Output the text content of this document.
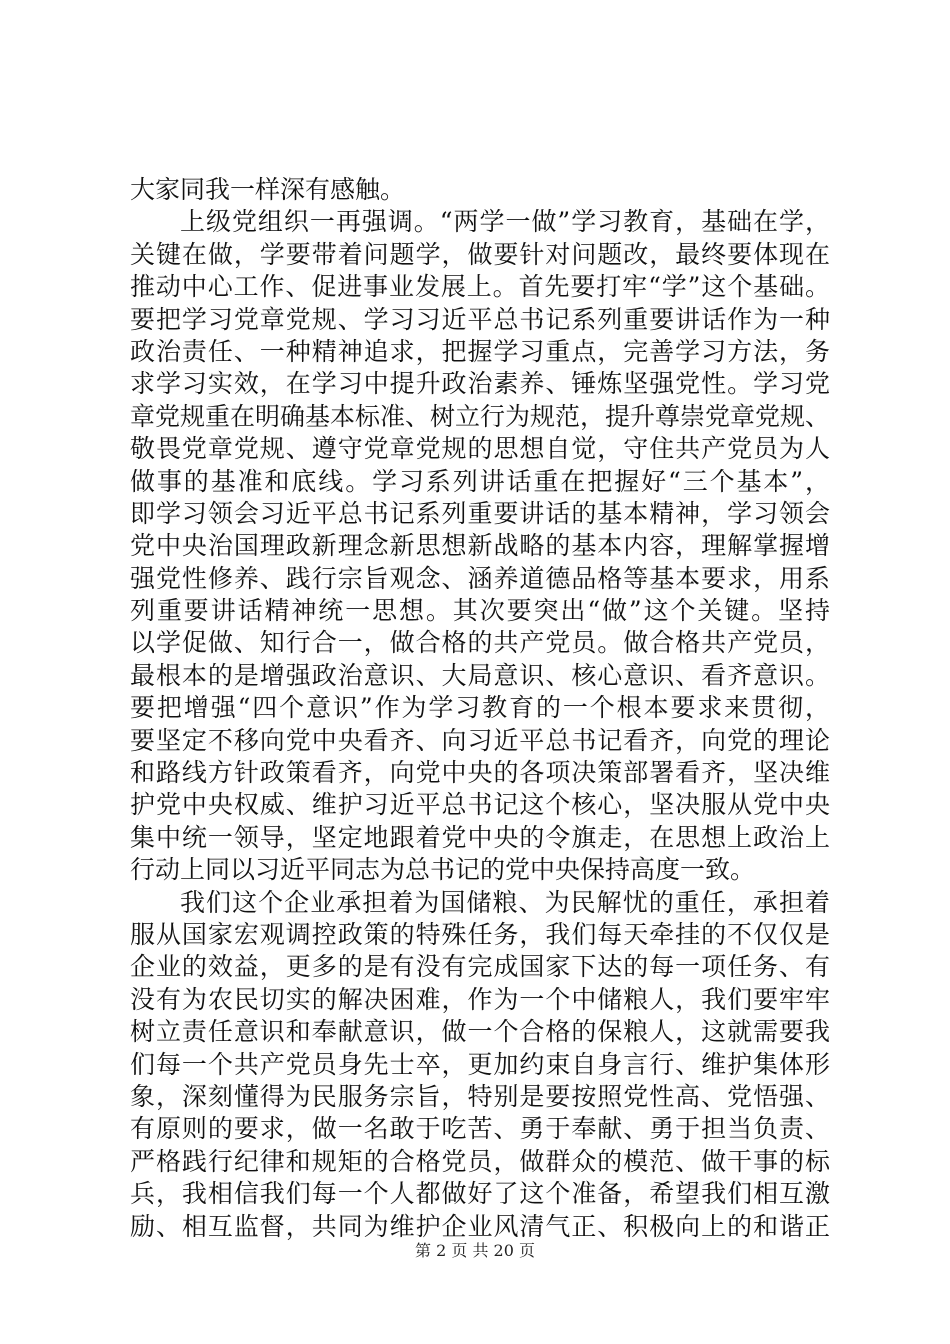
大家同我一样深有感触。
上级党组织一再强调。“两学一做”学习教育，基础在学，
关键在做，学要带着问题学，做要针对问题改，最终要体现在
推动中心工作、促进事业发展上。首先要打牢“学”这个基础。
要把学习党章党规、学习习近平总书记系列重要讲话作为一种
政治责任、一种精神追求，把握学习重点，完善学习方法，务
求学习实效，在学习中提升政治素养、锤炼坚强党性。学习党
章党规重在明确基本标准、树立行为规范，提升尊崇党章党规、
敬畏党章党规、遵守党章党规的思想自觉，守住共产党员为人
做事的基准和底线。学习系列讲话重在把握好“三个基本”，
即学习领会习近平总书记系列重要讲话的基本精神，学习领会
党中央治国理政新理念新思想新战略的基本内容，理解掌握增
强党性修养、践行宗旨观念、涵养道德品格等基本要求，用系
列重要讲话精神统一思想。其次要突出“做”这个关键。坚持
以学促做、知行合一，做合格的共产党员。做合格共产党员，
最根本的是增强政治意识、大局意识、核心意识、看齐意识。
要把增强“四个意识”作为学习教育的一个根本要求来贯彻，
要坚定不移向党中央看齐、向习近平总书记看齐，向党的理论
和路线方针政策看齐，向党中央的各项决策部署看齐，坚决维
护党中央权威、维护习近平总书记这个核心，坚决服从党中央
集中统一领导，坚定地跟着党中央的令旗走，在思想上政治上
行动上同以习近平同志为总书记的党中央保持高度一致。
我们这个企业承担着为国储粮、为民解忧的重任，承担着
服从国家宏观调控政策的特殊任务，我们每天牵挂的不仅仅是
企业的效益，更多的是有没有完成国家下达的每一项任务、有
没有为农民切实的解决困难，作为一个中储粮人，我们要牢牢
树立责任意识和奉献意识，做一个合格的保粮人，这就需要我
们每一个共产党员身先士卒，更加约束自身言行、维护集体形
象，深刻懂得为民服务宗旨，特别是要按照党性高、党悟强、
有原则的要求，做一名敢于吃苦、勇于奉献、勇于担当负责、
严格践行纪律和规矩的合格党员，做群众的模范、做干事的标
兵，我相信我们每一个人都做好了这个准备，希望我们相互激
励、相互监督，共同为维护企业风清气正、积极向上的和谐正
第 2 页 共 20 页
